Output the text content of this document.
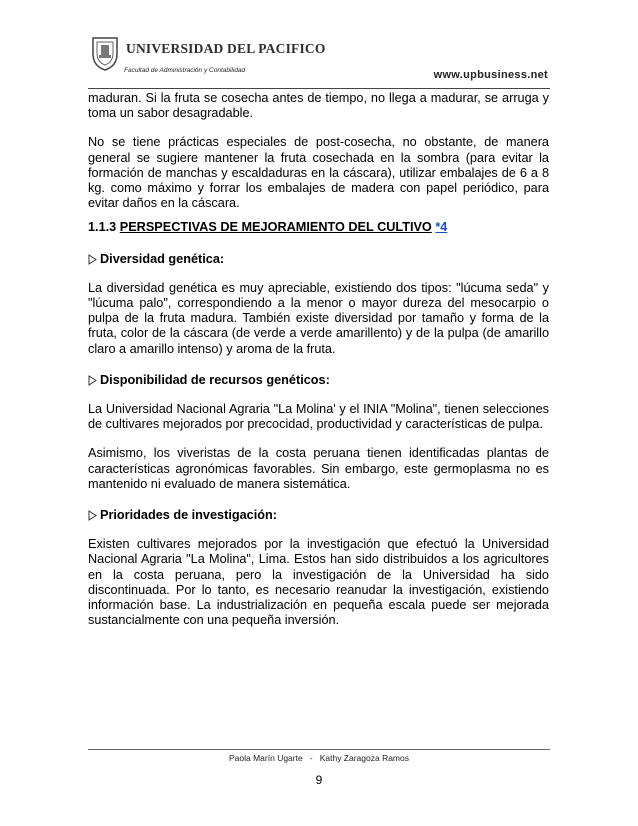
UNIVERSIDAD DEL PACIFICO
Facultad de Administración y Contabilidad	www.upbusiness.net

maduran. Si la fruta se cosecha antes de tiempo, no llega a madurar, se arruga y toma un sabor desagradable.

No se tiene prácticas especiales de post-cosecha, no obstante, de manera general se sugiere mantener la fruta cosechada en la sombra (para evitar la formación de manchas y escaldaduras en la cáscara), utilizar embalajes de 6 a 8 kg. como máximo y forrar los embalajes de madera con papel periódico, para evitar daños en la cáscara.

1.1.3 PERSPECTIVAS DE MEJORAMIENTO DEL CULTIVO *4

Diversidad genética:

La diversidad genética es muy apreciable, existiendo dos tipos: "lúcuma seda" y "lúcuma palo", correspondiendo a la menor o mayor dureza del mesocarpio o pulpa de la fruta madura. También existe diversidad por tamaño y forma de la fruta, color de la cáscara (de verde a verde amarillento) y de la pulpa (de amarillo claro a amarillo intenso) y aroma de la fruta.

Disponibilidad de recursos genéticos:

La Universidad Nacional Agraria "La Molina' y el INIA "Molina", tienen selecciones de cultivares mejorados por precocidad, productividad y características de pulpa.

Asimismo, los viveristas de la costa peruana tienen identificadas plantas de características agronómicas favorables. Sin embargo, este germoplasma no es mantenido ni evaluado de manera sistemática.

Prioridades de investigación:

Existen cultivares mejorados por la investigación que efectuó la Universidad Nacional Agraria "La Molina", Lima. Estos han sido distribuidos a los agricultores en la costa peruana, pero la investigación de la Universidad ha sido discontinuada. Por lo tanto, es necesario reanudar la investigación, existiendo información base. La industrialización en pequeña escala puede ser mejorada sustancialmente con una pequeña inversión.

Paola Marín Ugarte   -   Kathy Zaragoza Ramos
9
